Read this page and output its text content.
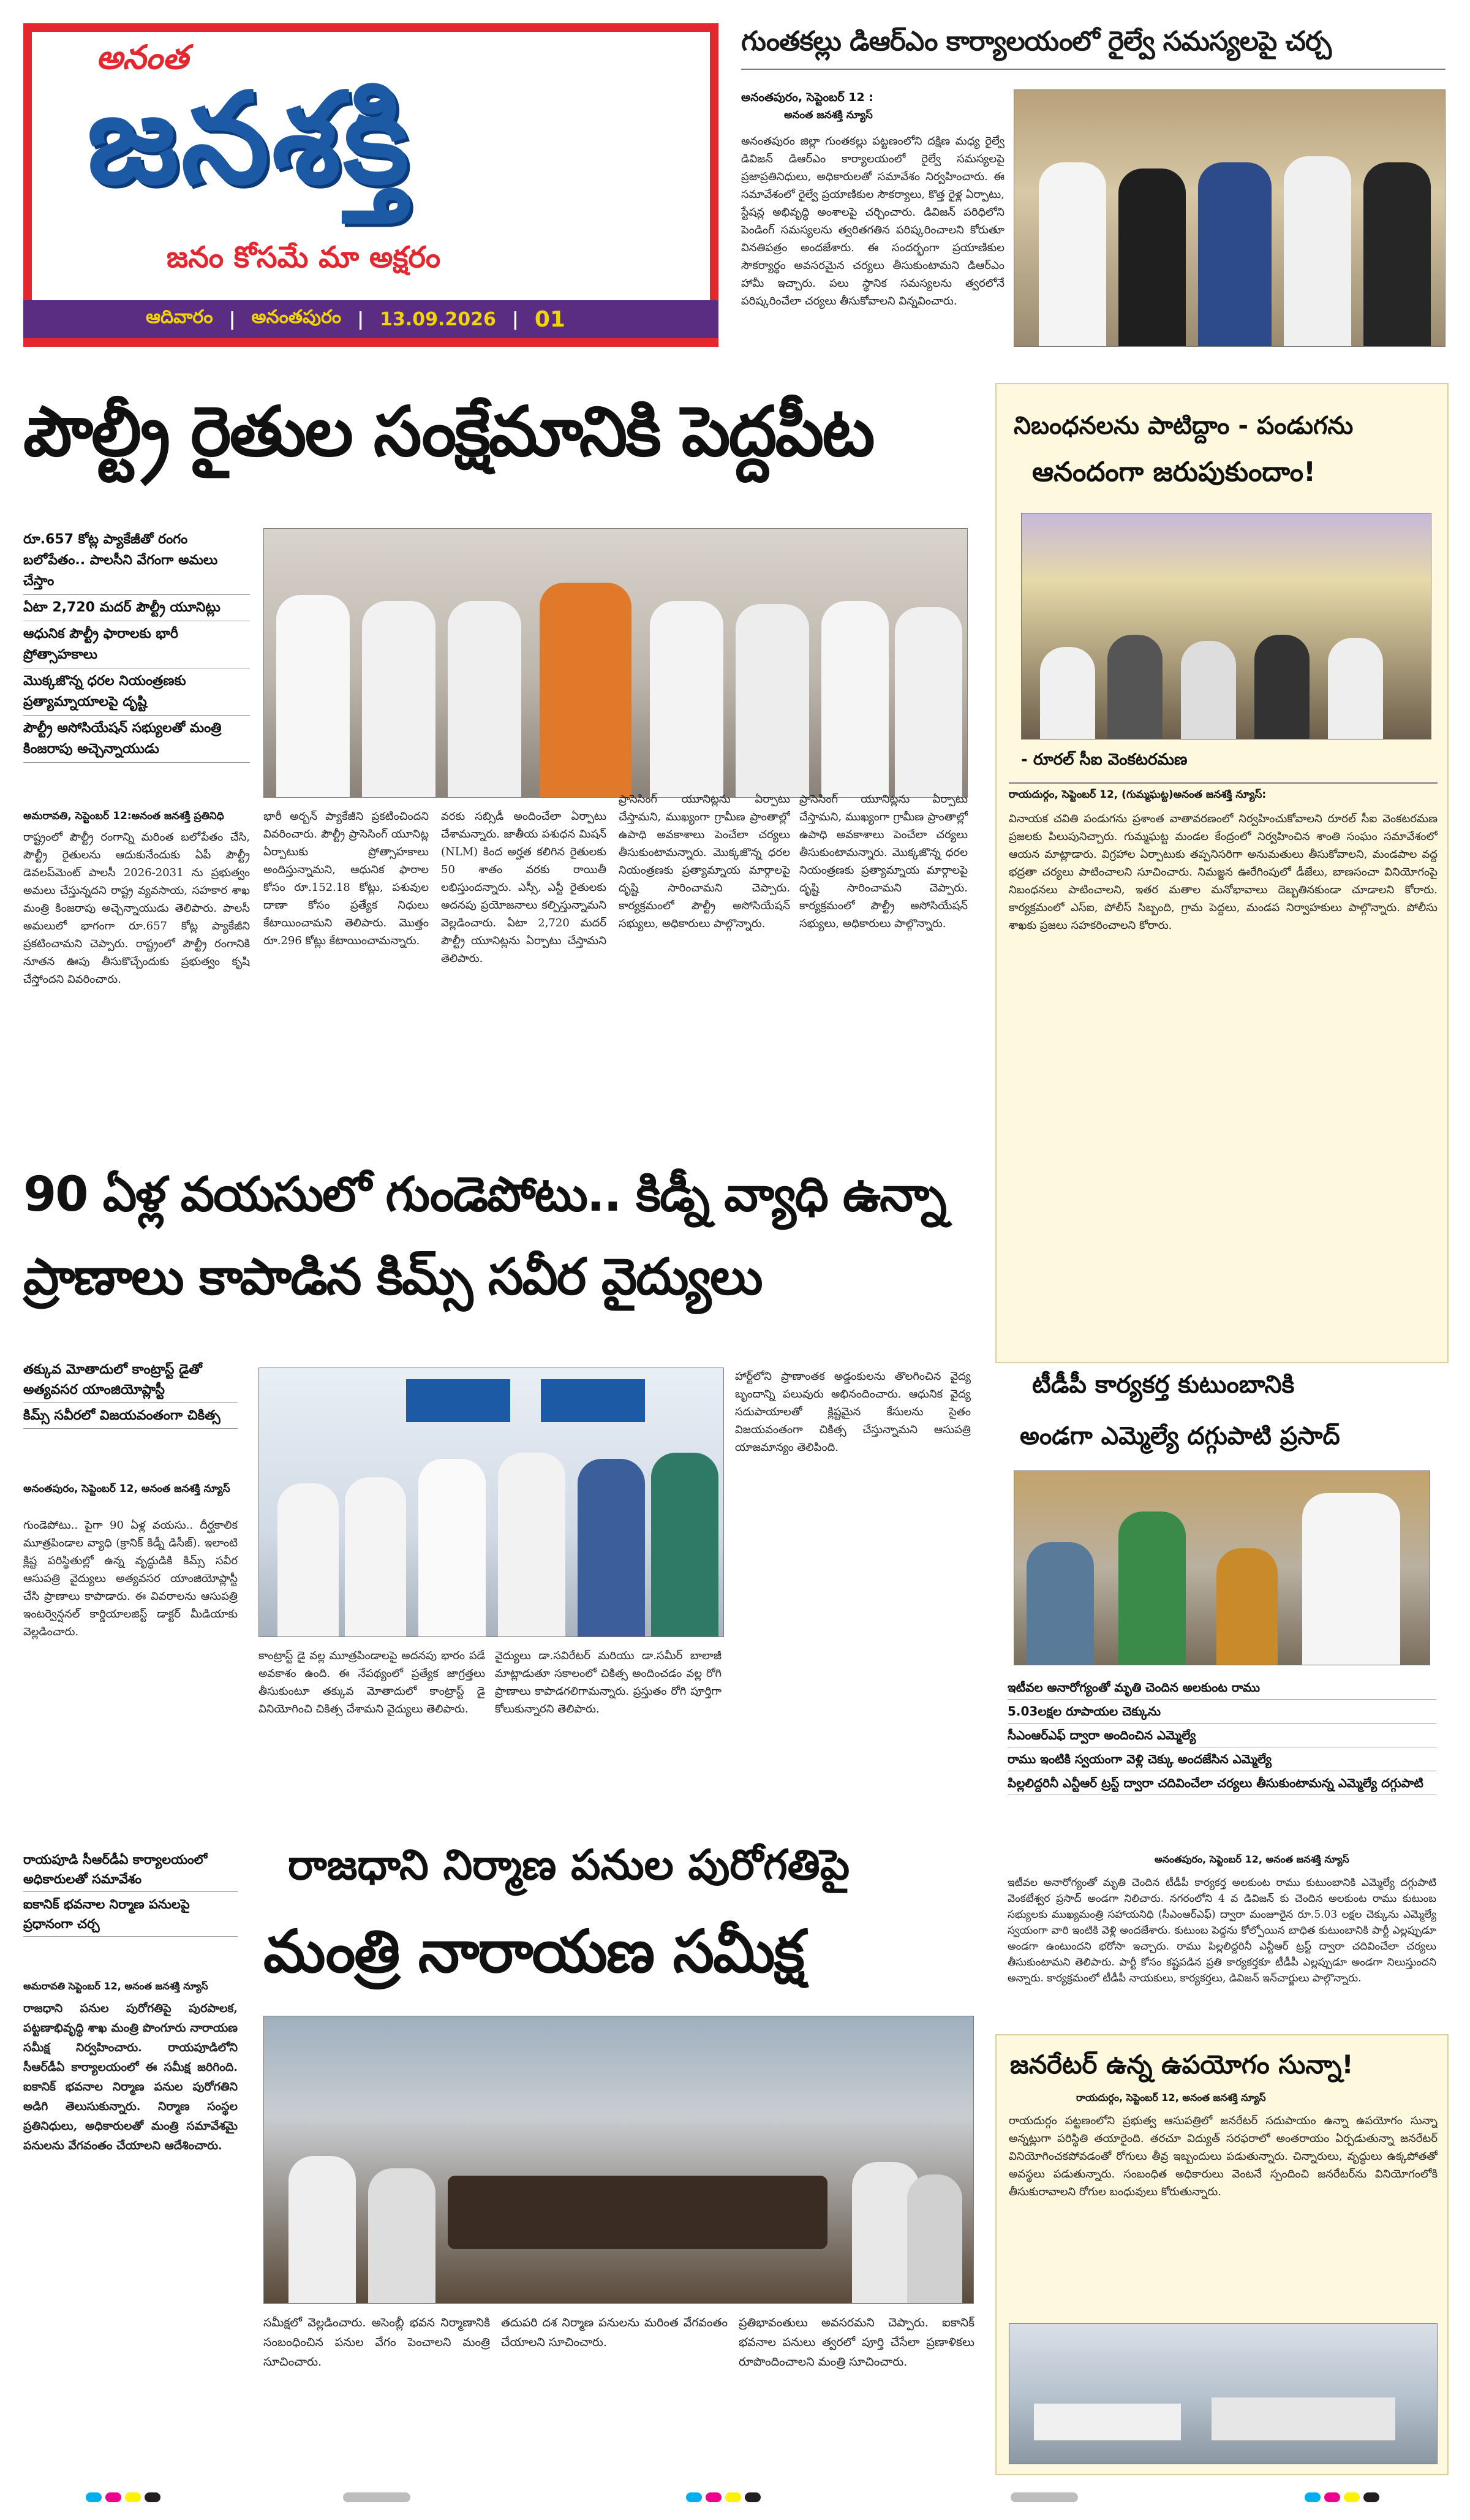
అనంత
జనశక్తి
జనం కోసమే మా అక్షరం
ఆదివారం | అనంతపురం | 13.09.2026 | 01
గుంతకల్లు డిఆర్ఎం కార్యాలయంలో రైల్వే సమస్యలపై చర్చ
అనంతపురం, సెప్టెంబర్ 12 :
అనంత జనశక్తి న్యూస్
అనంతపురం జిల్లా గుంతకల్లు పట్టణంలోని దక్షిణ మధ్య రైల్వే డివిజన్ డిఆర్ఎం కార్యాలయంలో రైల్వే సమస్యలపై ప్రజాప్రతినిధులు, అధికారులతో సమావేశం నిర్వహించారు. ఈ సమావేశంలో రైల్వే ప్రయాణికుల సౌకర్యాలు, కొత్త రైళ్ల ఏర్పాటు, స్టేషన్ల అభివృద్ధి అంశాలపై చర్చించారు. డివిజన్ పరిధిలోని పెండింగ్ సమస్యలను త్వరితగతిన పరిష్కరించాలని కోరుతూ వినతిపత్రం అందజేశారు. ఈ సందర్భంగా ప్రయాణికుల సౌకర్యార్థం అవసరమైన చర్యలు తీసుకుంటామని డిఆర్ఎం హామీ ఇచ్చారు. పలు స్థానిక సమస్యలను త్వరలోనే పరిష్కరించేలా చర్యలు తీసుకోవాలని విన్నవించారు.
పౌల్ట్రీ రైతుల సంక్షేమానికి పెద్దపీట
రూ.657 కోట్ల ప్యాకేజీతో రంగం బలోపేతం.. పాలసీని వేగంగా అమలు చేస్తాం
ఏటా 2,720 మదర్ పౌల్ట్రీ యూనిట్లు
ఆధునిక పౌల్ట్రీ ఫారాలకు భారీ ప్రోత్సాహకాలు
మొక్కజొన్న ధరల నియంత్రణకు ప్రత్యామ్నాయాలపై దృష్టి
పౌల్ట్రీ అసోసియేషన్ సభ్యులతో మంత్రి కింజరాపు అచ్చెన్నాయుడు
అమరావతి, సెప్టెంబర్ 12:అనంత జనశక్తి ప్రతినిధి
రాష్ట్రంలో పౌల్ట్రీ రంగాన్ని మరింత బలోపేతం చేసి, పౌల్ట్రీ రైతులను ఆదుకునేందుకు ఏపీ పౌల్ట్రీ డెవలప్‌మెంట్ పాలసీ 2026-2031 ను ప్రభుత్వం అమలు చేస్తున్నదని రాష్ట్ర వ్యవసాయ, సహకార శాఖ మంత్రి కింజరాపు అచ్చెన్నాయుడు తెలిపారు. పాలసీ అమలులో భాగంగా రూ.657 కోట్ల ప్యాకేజీని ప్రకటించామని చెప్పారు. రాష్ట్రంలో పౌల్ట్రీ రంగానికి నూతన ఊపు తీసుకొచ్చేందుకు ప్రభుత్వం కృషి చేస్తోందని వివరించారు.
భారీ అర్బన్ ప్యాకేజీని ప్రకటించిందని వివరించారు. పౌల్ట్రీ ప్రాసెసింగ్ యూనిట్ల ఏర్పాటుకు ప్రోత్సాహకాలు అందిస్తున్నామని, ఆధునిక ఫారాల కోసం రూ.152.18 కోట్లు, పశువుల దాణా కోసం ప్రత్యేక నిధులు కేటాయించామని తెలిపారు. మొత్తం రూ.296 కోట్లు కేటాయించామన్నారు.
వరకు సబ్సిడీ అందించేలా ఏర్పాటు చేశామన్నారు. జాతీయ పశుధన మిషన్ (NLM) కింద అర్హత కలిగిన రైతులకు 50 శాతం వరకు రాయితీ లభిస్తుందన్నారు. ఎస్సీ, ఎస్టీ రైతులకు అదనపు ప్రయోజనాలు కల్పిస్తున్నామని వెల్లడించారు. ఏటా 2,720 మదర్ పౌల్ట్రీ యూనిట్లను ఏర్పాటు చేస్తామని తెలిపారు.
ప్రాసెసింగ్ యూనిట్లను ఏర్పాటు చేస్తామని, ముఖ్యంగా గ్రామీణ ప్రాంతాల్లో ఉపాధి అవకాశాలు పెంచేలా చర్యలు తీసుకుంటామన్నారు. మొక్కజొన్న ధరల నియంత్రణకు ప్రత్యామ్నాయ మార్గాలపై దృష్టి సారించామని చెప్పారు. కార్యక్రమంలో పౌల్ట్రీ అసోసియేషన్ సభ్యులు, అధికారులు పాల్గొన్నారు.
ప్రాసెసింగ్ యూనిట్లను ఏర్పాటు చేస్తామని, ముఖ్యంగా గ్రామీణ ప్రాంతాల్లో ఉపాధి అవకాశాలు పెంచేలా చర్యలు తీసుకుంటామన్నారు. మొక్కజొన్న ధరల నియంత్రణకు ప్రత్యామ్నాయ మార్గాలపై దృష్టి సారించామని చెప్పారు. కార్యక్రమంలో పౌల్ట్రీ అసోసియేషన్ సభ్యులు, అధికారులు పాల్గొన్నారు.
నిబంధనలను పాటిద్దాం - పండుగను
ఆనందంగా జరుపుకుందాం!
- రూరల్ సీఐ వెంకటరమణ
రాయదుర్గం, సెప్టెంబర్ 12, (గుమ్మఘట్ట)అనంత జనశక్తి న్యూస్:
వినాయక చవితి పండుగను ప్రశాంత వాతావరణంలో నిర్వహించుకోవాలని రూరల్ సీఐ వెంకటరమణ ప్రజలకు పిలుపునిచ్చారు. గుమ్మఘట్ట మండల కేంద్రంలో నిర్వహించిన శాంతి సంఘం సమావేశంలో ఆయన మాట్లాడారు. విగ్రహాల ఏర్పాటుకు తప్పనిసరిగా అనుమతులు తీసుకోవాలని, మండపాల వద్ద భద్రతా చర్యలు పాటించాలని సూచించారు. నిమజ్జన ఊరేగింపులో డీజేలు, బాణసంచా వినియోగంపై నిబంధనలు పాటించాలని, ఇతర మతాల మనోభావాలు దెబ్బతినకుండా చూడాలని కోరారు. కార్యక్రమంలో ఎస్‌ఐ, పోలీస్ సిబ్బంది, గ్రామ పెద్దలు, మండప నిర్వాహకులు పాల్గొన్నారు. పోలీసు శాఖకు ప్రజలు సహకరించాలని కోరారు.
90 ఏళ్ల వయసులో గుండెపోటు.. కిడ్నీ వ్యాధి ఉన్నా
ప్రాణాలు కాపాడిన కిమ్స్ సవీర వైద్యులు
తక్కువ మోతాదులో కాంట్రాస్ట్ డైతో అత్యవసర యాంజియోప్లాస్టీ
కిమ్స్ సవీరలో విజయవంతంగా చికిత్స
అనంతపురం, సెప్టెంబర్ 12, అనంత జనశక్తి న్యూస్
గుండెపోటు.. పైగా 90 ఏళ్ల వయసు.. దీర్ఘకాలిక మూత్రపిండాల వ్యాధి (క్రానిక్ కిడ్నీ డిసీజ్). ఇలాంటి క్లిష్ట పరిస్థితుల్లో ఉన్న వృద్ధుడికి కిమ్స్ సవీర ఆసుపత్రి వైద్యులు అత్యవసర యాంజియోప్లాస్టీ చేసి ప్రాణాలు కాపాడారు. ఈ వివరాలను ఆసుపత్రి ఇంటర్వెన్షనల్ కార్డియాలజిస్ట్ డాక్టర్ మీడియాకు వెల్లడించారు.
కాంట్రాస్ట్ డై వల్ల మూత్రపిండాలపై అదనపు భారం పడే అవకాశం ఉంది. ఈ నేపథ్యంలో ప్రత్యేక జాగ్రత్తలు తీసుకుంటూ తక్కువ మోతాదులో కాంట్రాస్ట్ డై వినియోగించి చికిత్స చేశామని వైద్యులు తెలిపారు.
వైద్యులు డా.సవిరేటర్ మరియు డా.సమీర్ బాలాజీ మాట్లాడుతూ సకాలంలో చికిత్స అందించడం వల్ల రోగి ప్రాణాలు కాపాడగలిగామన్నారు. ప్రస్తుతం రోగి పూర్తిగా కోలుకున్నారని తెలిపారు.
హార్ట్‌లోని ప్రాణాంతక అడ్డంకులను తొలగించిన వైద్య బృందాన్ని పలువురు అభినందించారు. ఆధునిక వైద్య సదుపాయాలతో క్లిష్టమైన కేసులను సైతం విజయవంతంగా చికిత్స చేస్తున్నామని ఆసుపత్రి యాజమాన్యం తెలిపింది.
టీడీపీ కార్యకర్త కుటుంబానికి
అండగా ఎమ్మెల్యే దగ్గుపాటి ప్రసాద్
ఇటీవల అనారోగ్యంతో మృతి చెందిన అలకుంట రాము
5.03లక్షల రూపాయల చెక్కును
సీఎంఆర్‌ఎఫ్ ద్వారా అందించిన ఎమ్మెల్యే
రాము ఇంటికి స్వయంగా వెళ్లి చెక్కు అందజేసిన ఎమ్మెల్యే
పిల్లలిద్దరినీ ఎన్టీఆర్ ట్రస్ట్ ద్వారా చదివించేలా చర్యలు తీసుకుంటామన్న ఎమ్మెల్యే దగ్గుపాటి
అనంతపురం, సెప్టెంబర్ 12, అనంత జనశక్తి న్యూస్
ఇటీవల అనారోగ్యంతో మృతి చెందిన టీడీపీ కార్యకర్త అలకుంట రాము కుటుంబానికి ఎమ్మెల్యే దగ్గుపాటి వెంకటేశ్వర ప్రసాద్ అండగా నిలిచారు. నగరంలోని 4 వ డివిజన్ కు చెందిన అలకుంట రాము కుటుంబ సభ్యులకు ముఖ్యమంత్రి సహాయనిధి (సీఎంఆర్‌ఎఫ్) ద్వారా మంజూరైన రూ.5.03 లక్షల చెక్కును ఎమ్మెల్యే స్వయంగా వారి ఇంటికి వెళ్లి అందజేశారు. కుటుంబ పెద్దను కోల్పోయిన బాధిత కుటుంబానికి పార్టీ ఎల్లప్పుడూ అండగా ఉంటుందని భరోసా ఇచ్చారు. రాము పిల్లలిద్దరినీ ఎన్టీఆర్ ట్రస్ట్ ద్వారా చదివించేలా చర్యలు తీసుకుంటామని తెలిపారు. పార్టీ కోసం కష్టపడిన ప్రతి కార్యకర్తకూ టీడీపీ ఎల్లప్పుడూ అండగా నిలుస్తుందని అన్నారు. కార్యక్రమంలో టీడీపీ నాయకులు, కార్యకర్తలు, డివిజన్ ఇన్‌చార్జులు పాల్గొన్నారు.
రాజధాని నిర్మాణ పనుల పురోగతిపై
మంత్రి నారాయణ సమీక్ష
రాయపూడి సీఆర్‌డీఏ కార్యాలయంలో అధికారులతో సమావేశం
ఐకానిక్ భవనాల నిర్మాణ పనులపై ప్రధానంగా చర్చ
అమరావతి సెప్టెంబర్ 12, అనంత జనశక్తి న్యూస్
రాజధాని పనుల పురోగతిపై పురపాలక, పట్టణాభివృద్ధి శాఖ మంత్రి పొంగూరు నారాయణ సమీక్ష నిర్వహించారు. రాయపూడిలోని సీఆర్‌డీఏ కార్యాలయంలో ఈ సమీక్ష జరిగింది. ఐకానిక్ భవనాల నిర్మాణ పనుల పురోగతిని అడిగి తెలుసుకున్నారు. నిర్మాణ సంస్థల ప్రతినిధులు, అధికారులతో మంత్రి సమావేశమై పనులను వేగవంతం చేయాలని ఆదేశించారు.
సమీక్షలో వెల్లడించారు. అసెంబ్లీ భవన నిర్మాణానికి సంబంధించిన పనుల వేగం పెంచాలని మంత్రి సూచించారు.
తదుపరి దశ నిర్మాణ పనులను మరింత వేగవంతం చేయాలని సూచించారు.
ప్రతిభావంతులు అవసరమని చెప్పారు. ఐకానిక్ భవనాల పనులు త్వరలో పూర్తి చేసేలా ప్రణాళికలు రూపొందించాలని మంత్రి సూచించారు.
జనరేటర్ ఉన్న ఉపయోగం సున్నా!
రాయదుర్గం, సెప్టెంబర్ 12, అనంత జనశక్తి న్యూస్
రాయదుర్గం పట్టణంలోని ప్రభుత్వ ఆసుపత్రిలో జనరేటర్ సదుపాయం ఉన్నా ఉపయోగం సున్నా అన్నట్లుగా పరిస్థితి తయారైంది. తరచూ విద్యుత్ సరఫరాలో అంతరాయం ఏర్పడుతున్నా జనరేటర్ వినియోగించకపోవడంతో రోగులు తీవ్ర ఇబ్బందులు పడుతున్నారు. చిన్నారులు, వృద్ధులు ఉక్కపోతతో అవస్థలు పడుతున్నారు. సంబంధిత అధికారులు వెంటనే స్పందించి జనరేటర్‌ను వినియోగంలోకి తీసుకురావాలని రోగుల బంధువులు కోరుతున్నారు.
